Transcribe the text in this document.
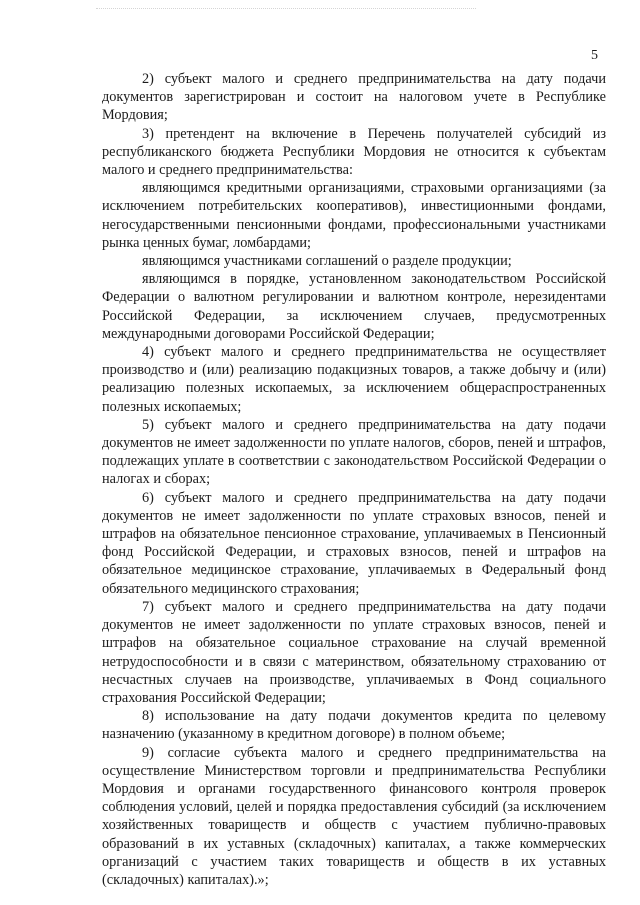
5

2) субъект малого и среднего предпринимательства на дату подачи документов зарегистрирован и состоит на налоговом учете в Республике Мордовия;

3) претендент на включение в Перечень получателей субсидий из республиканского бюджета Республики Мордовия не относится к субъектам малого и среднего предпринимательства:

являющимся кредитными организациями, страховыми организациями (за исключением потребительских кооперативов), инвестиционными фондами, негосударственными пенсионными фондами, профессиональными участниками рынка ценных бумаг, ломбардами;

являющимся участниками соглашений о разделе продукции;

являющимся в порядке, установленном законодательством Российской Федерации о валютном регулировании и валютном контроле, нерезидентами Российской Федерации, за исключением случаев, предусмотренных международными договорами Российской Федерации;

4) субъект малого и среднего предпринимательства не осуществляет производство и (или) реализацию подакцизных товаров, а также добычу и (или) реализацию полезных ископаемых, за исключением общераспространенных полезных ископаемых;

5) субъект малого и среднего предпринимательства на дату подачи документов не имеет задолженности по уплате налогов, сборов, пеней и штрафов, подлежащих уплате в соответствии с законодательством Российской Федерации о налогах и сборах;

6) субъект малого и среднего предпринимательства на дату подачи документов не имеет задолженности по уплате страховых взносов, пеней и штрафов на обязательное пенсионное страхование, уплачиваемых в Пенсионный фонд Российской Федерации, и страховых взносов, пеней и штрафов на обязательное медицинское страхование, уплачиваемых в Федеральный фонд обязательного медицинского страхования;

7) субъект малого и среднего предпринимательства на дату подачи документов не имеет задолженности по уплате страховых взносов, пеней и штрафов на обязательное социальное страхование на случай временной нетрудоспособности и в связи с материнством, обязательному страхованию от несчастных случаев на производстве, уплачиваемых в Фонд социального страхования Российской Федерации;

8) использование на дату подачи документов кредита по целевому назначению (указанному в кредитном договоре) в полном объеме;

9) согласие субъекта малого и среднего предпринимательства на осуществление Министерством торговли и предпринимательства Республики Мордовия и органами государственного финансового контроля проверок соблюдения условий, целей и порядка предоставления субсидий (за исключением хозяйственных товариществ и обществ с участием публично-правовых образований в их уставных (складочных) капиталах, а также коммерческих организаций с участием таких товариществ и обществ в их уставных (складочных) капиталах).»;
